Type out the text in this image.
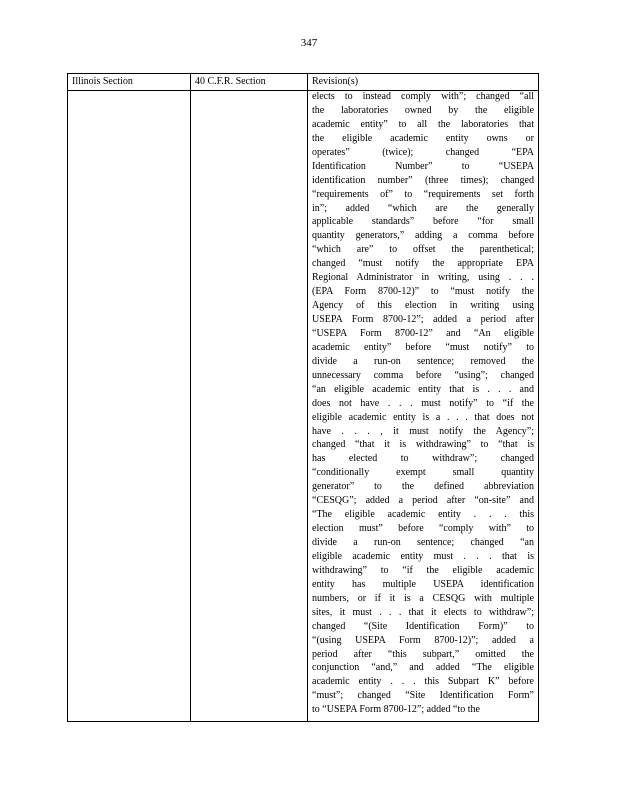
347
Illinois Section	40 C.F.R. Section	Revision(s)
elects to instead comply with”; changed “all
the laboratories owned by the eligible
academic entity” to all the laboratories that
the eligible academic entity owns or
operates” (twice); changed “EPA
Identification Number” to “USEPA
identification number” (three times); changed
“requirements of” to “requirements set forth
in”; added “which are the generally
applicable standards” before “for small
quantity generators,” adding a comma before
“which are” to offset the parenthetical;
changed “must notify the appropriate EPA
Regional Administrator in writing, using . . .
(EPA Form 8700-12)” to “must notify the
Agency of this election in writing using
USEPA Form 8700-12”; added a period after
“USEPA Form 8700-12” and “An eligible
academic entity” before “must notify” to
divide a run-on sentence; removed the
unnecessary comma before “using”; changed
“an eligible academic entity that is . . . and
does not have . . . must notify” to “if the
eligible academic entity is a . . . that does not
have . . . , it must notify the Agency”;
changed “that it is withdrawing” to “that is
has elected to withdraw”; changed
“conditionally exempt small quantity
generator” to the defined abbreviation
“CESQG”; added a period after “on-site” and
“The eligible academic entity . . . this
election must” before “comply with” to
divide a run-on sentence; changed “an
eligible academic entity must . . . that is
withdrawing” to “if the eligible academic
entity has multiple USEPA identification
numbers, or if it is a CESQG with multiple
sites, it must . . . that it elects to withdraw”;
changed “(Site Identification Form)” to
“(using USEPA Form 8700-12)”; added a
period after “this subpart,” omitted the
conjunction “and,” and added “The eligible
academic entity . . . this Subpart K” before
“must”; changed “Site Identification Form”
to “USEPA Form 8700-12”; added “to the
